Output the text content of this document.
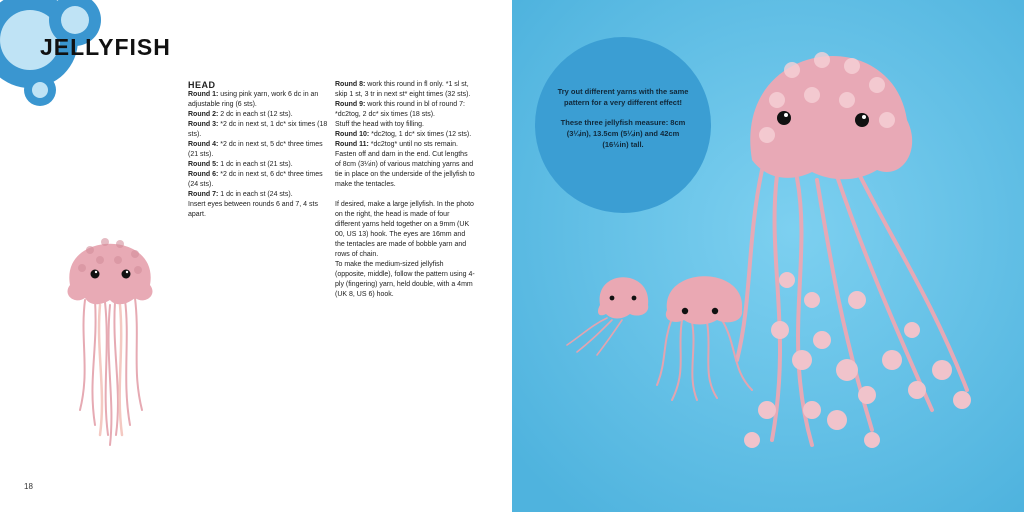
JELLYFISH

HEAD

Round 1: using pink yarn, work 6 dc in an adjustable ring (6 sts).

Round 2: 2 dc in each st (12 sts).

Round 3: *2 dc in next st, 1 dc* six times (18 sts).

Round 4: *2 dc in next st, 5 dc* three times (21 sts).

Round 5: 1 dc in each st (21 sts).

Round 6: *2 dc in next st, 6 dc* three times (24 sts).

Round 7: 1 dc in each st (24 sts).

Insert eyes between rounds 6 and 7, 4 sts apart.

Round 8: work this round in fl only. *1 sl st, skip 1 st, 3 tr in next st* eight times (32 sts).

Round 9: work this round in bl of round 7: *dc2tog, 2 dc* six times (18 sts).

Stuff the head with toy filling.

Round 10: *dc2tog, 1 dc* six times (12 sts).

Round 11: *dc2tog* until no sts remain.

Fasten off and darn in the end. Cut lengths of 8cm (3¼in) of various matching yarns and tie in place on the underside of the jellyfish to make the tentacles.

If desired, make a large jellyfish. In the photo on the right, the head is made of four different yarns held together on a 9mm (UK 00, US 13) hook. The eyes are 16mm and the tentacles are made of bobble yarn and rows of chain.

To make the medium-sized jellyfish (opposite, middle), follow the pattern using 4-ply (fingering) yarn, held double, with a 4mm (UK 8, US 6) hook.

18

Try out different yarns with the same pattern for a very different effect!

These three jellyfish measure: 8cm (3¼in), 13.5cm (5¼in) and 42cm (16½in) tall.
